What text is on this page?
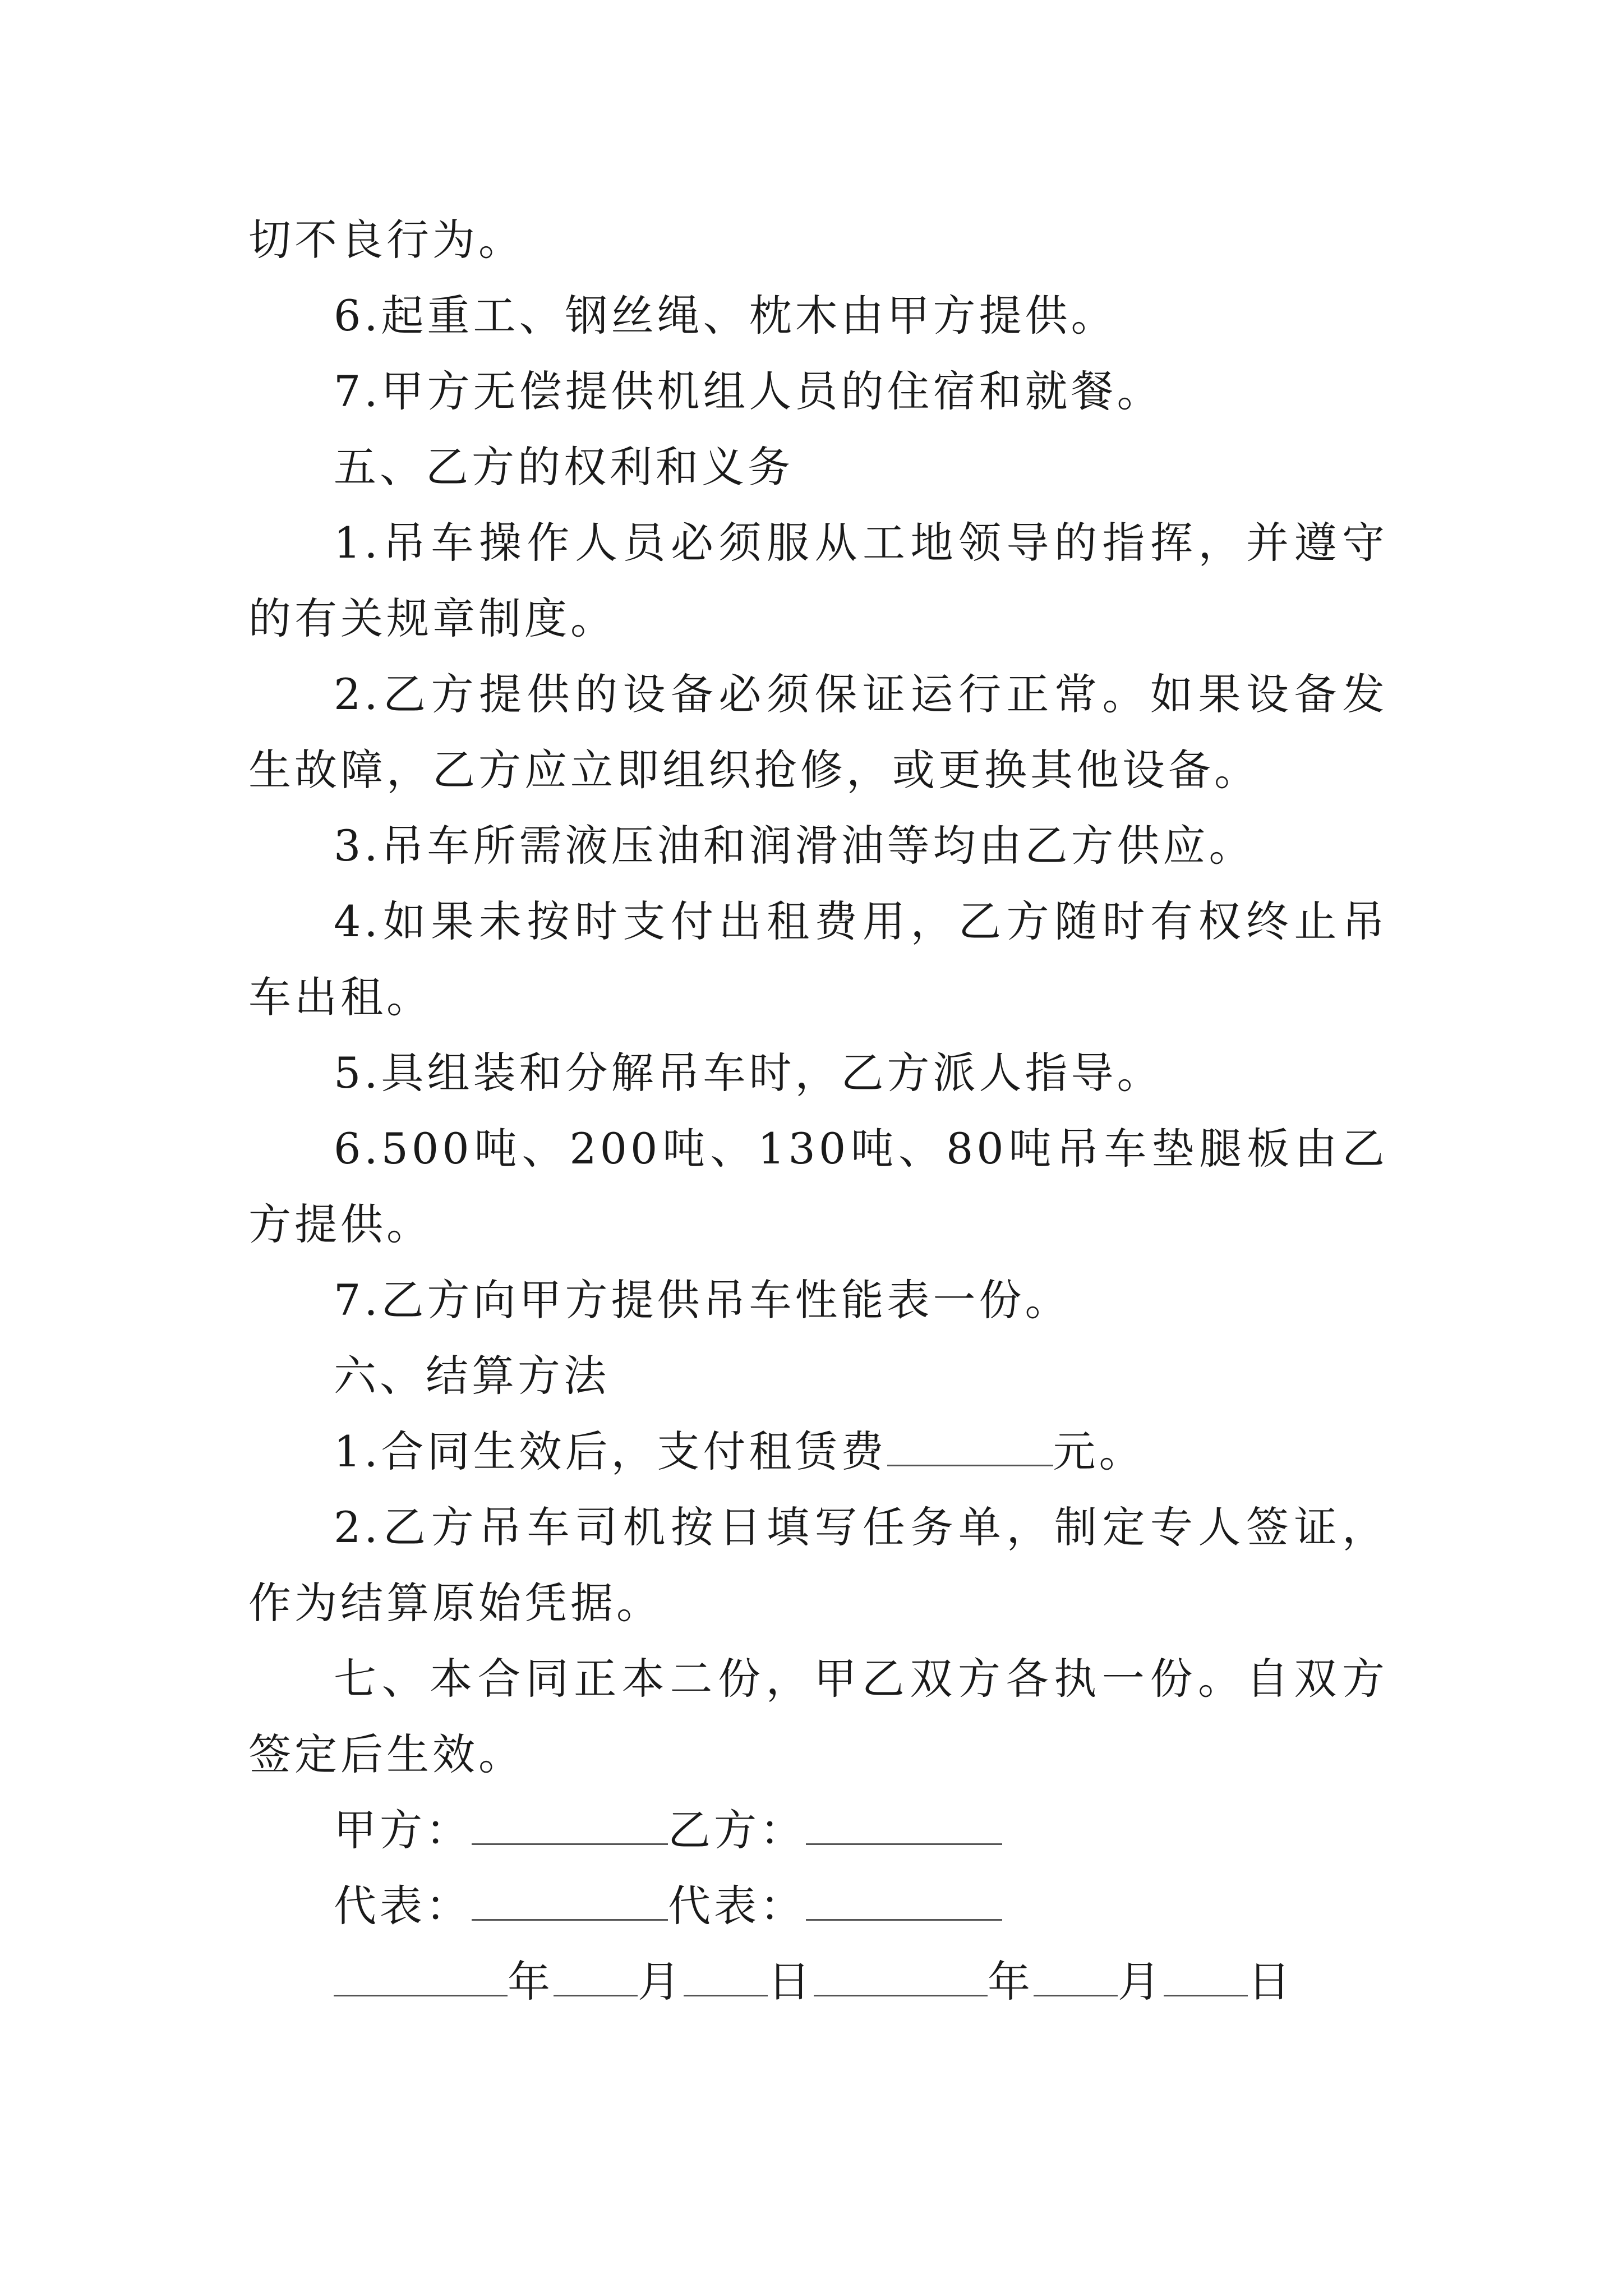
切不良行为。

6.起重工、钢丝绳、枕木由甲方提供。

7.甲方无偿提供机组人员的住宿和就餐。

五、乙方的权利和义务

1.吊车操作人员必须服从工地领导的指挥，并遵守的有关规章制度。

2.乙方提供的设备必须保证运行正常。如果设备发生故障，乙方应立即组织抢修，或更换其他设备。

3.吊车所需液压油和润滑油等均由乙方供应。

4.如果未按时支付出租费用，乙方随时有权终止吊车出租。

5.具组装和分解吊车时，乙方派人指导。

6.500吨、200吨、130吨、80吨吊车垫腿板由乙方提供。

7.乙方向甲方提供吊车性能表一份。

六、结算方法

1.合同生效后，支付租赁费	元。

2.乙方吊车司机按日填写任务单，制定专人签证，作为结算原始凭据。

七、本合同正本二份，甲乙双方各执一份。自双方签定后生效。

甲方：	乙方：

代表：	代表：

年 月 日	年 月 日
